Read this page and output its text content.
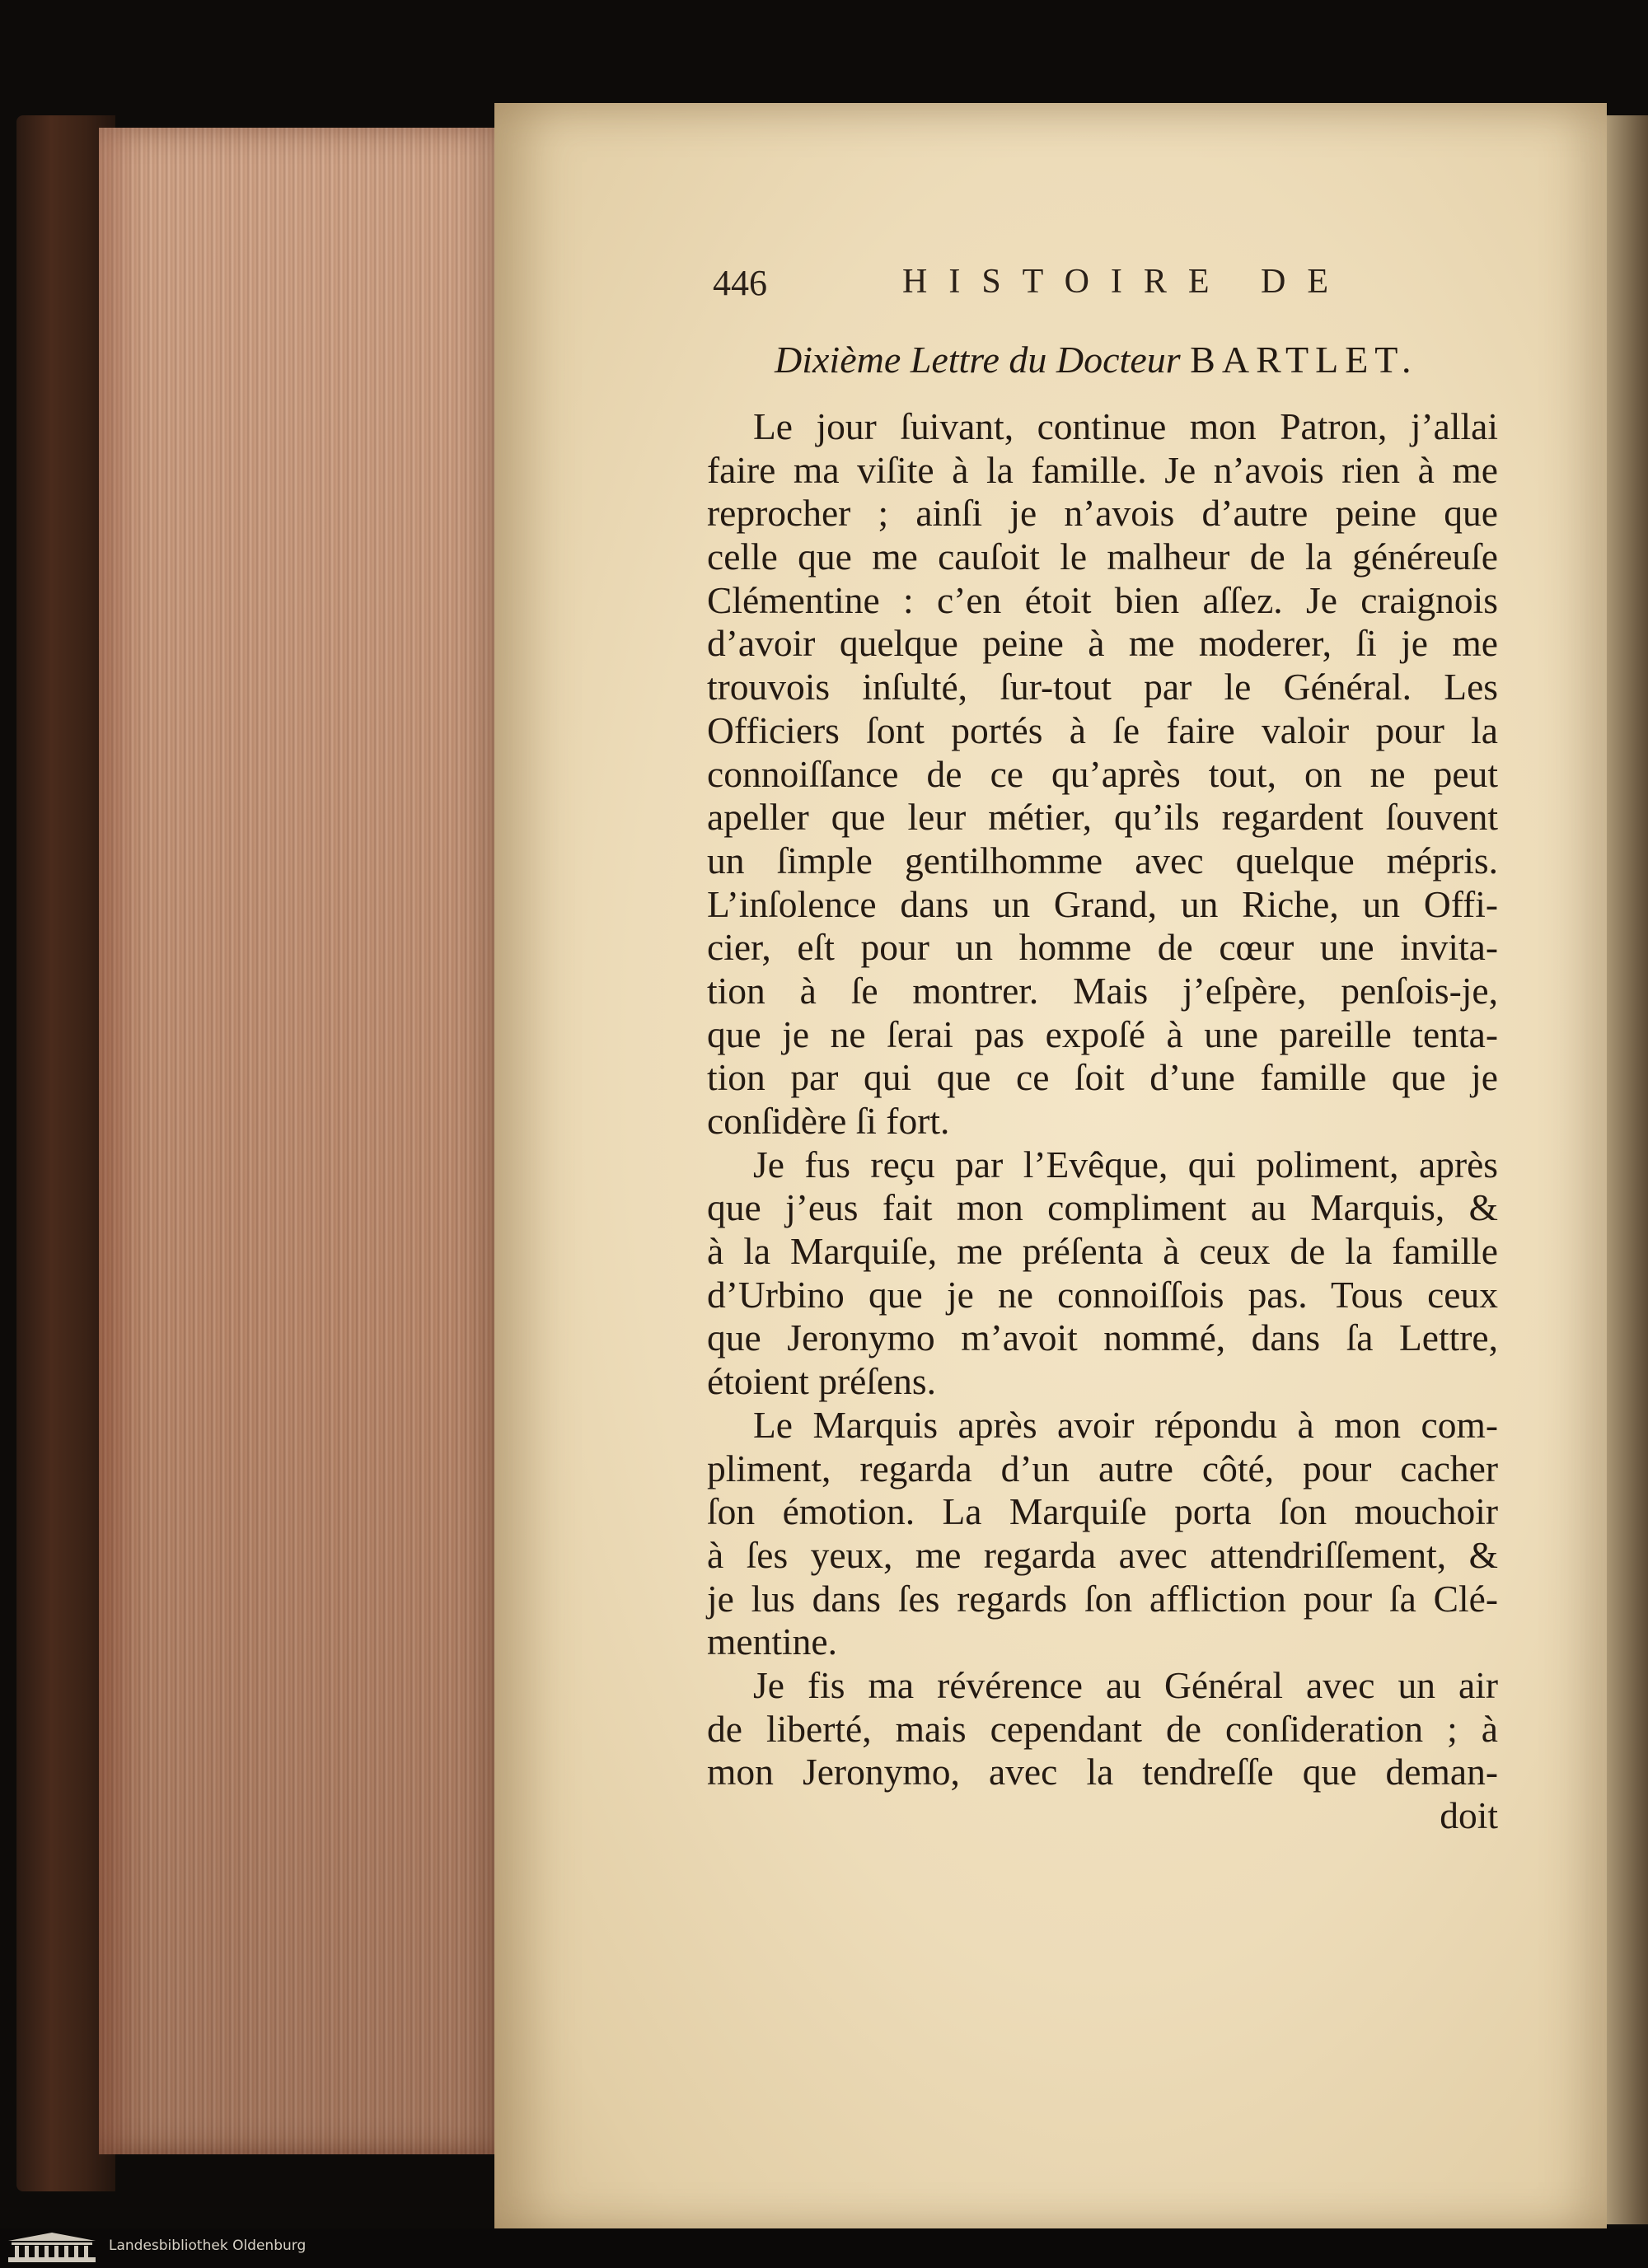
446	HISTOIRE DE
Dixième Lettre du Docteur BARTLET.
Le jour ſuivant, continue mon Patron, j’allai
faire ma viſite à la famille. Je n’avois rien à me
reprocher ; ainſi je n’avois d’autre peine que
celle que me cauſoit le malheur de la généreuſe
Clémentine : c’en étoit bien aſſez. Je craignois
d’avoir quelque peine à me moderer, ſi je me
trouvois inſulté, ſur-tout par le Général. Les
Officiers ſont portés à ſe faire valoir pour la
connoiſſance de ce qu’après tout, on ne peut
apeller que leur métier, qu’ils regardent ſouvent
un ſimple gentilhomme avec quelque mépris.
L’inſolence dans un Grand, un Riche, un Offi-
cier, eſt pour un homme de cœur une invita-
tion à ſe montrer. Mais j’eſpère, penſois-je,
que je ne ſerai pas expoſé à une pareille tenta-
tion par qui que ce ſoit d’une famille que je
conſidère ſi fort.
Je fus reçu par l’Evêque, qui poliment, après
que j’eus fait mon compliment au Marquis, &
à la Marquiſe, me préſenta à ceux de la famille
d’Urbino que je ne connoiſſois pas. Tous ceux
que Jeronymo m’avoit nommé, dans ſa Lettre,
étoient préſens.
Le Marquis après avoir répondu à mon com-
pliment, regarda d’un autre côté, pour cacher
ſon émotion. La Marquiſe porta ſon mouchoir
à ſes yeux, me regarda avec attendriſſement, &
je lus dans ſes regards ſon affliction pour ſa Clé-
mentine.
Je fis ma révérence au Général avec un air
de liberté, mais cependant de conſideration ; à
mon Jeronymo, avec la tendreſſe que deman-
doit
Landesbibliothek Oldenburg
